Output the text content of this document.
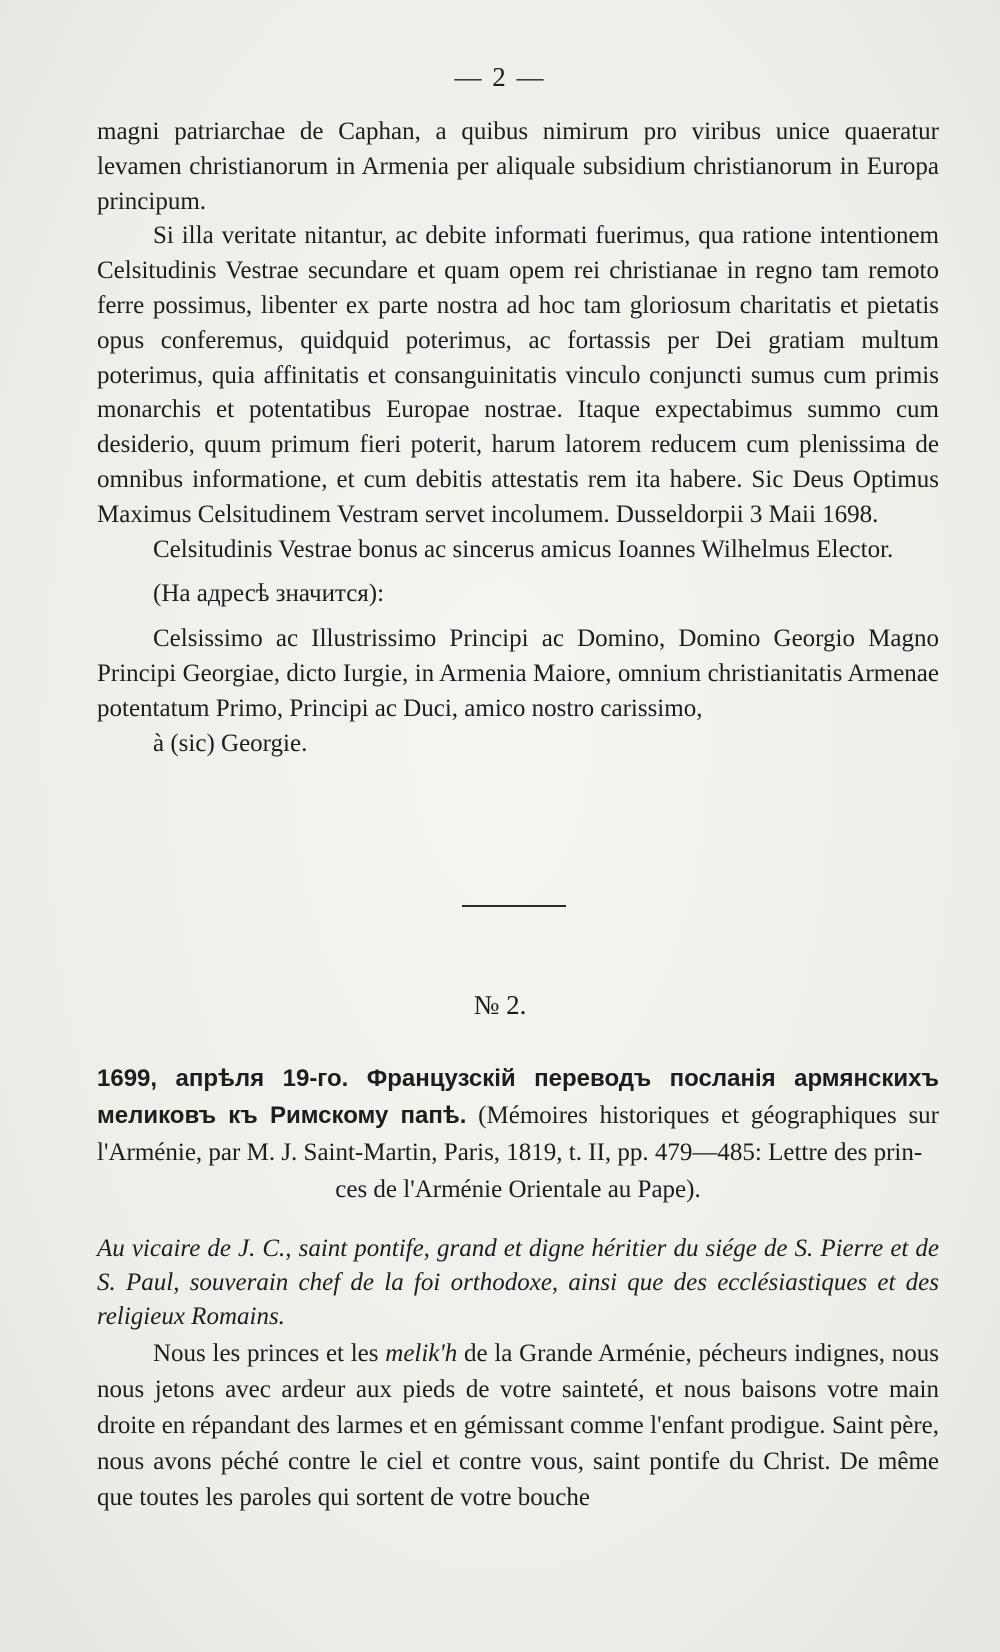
— 2 —

magni patriarchae de Caphan, a quibus nimirum pro viribus unice quaeratur levamen christianorum in Armenia per aliquale subsidium christianorum in Europa principum.

Si illa veritate nitantur, ac debite informati fuerimus, qua ratione intentionem Celsitudinis Vestrae secundare et quam opem rei christianae in regno tam remoto ferre possimus, libenter ex parte nostra ad hoc tam gloriosum charitatis et pietatis opus conferemus, quidquid poterimus, ac fortassis per Dei gratiam multum poterimus, quia affinitatis et consanguinitatis vinculo conjuncti sumus cum primis monarchis et potentatibus Europae nostrae. Itaque expectabimus summo cum desiderio, quum primum fieri poterit, harum latorem reducem cum plenissima de omnibus informatione, et cum debitis attestatis rem ita habere. Sic Deus Optimus Maximus Celsitudinem Vestram servet incolumem. Dusseldorpii 3 Maii 1698.

Celsitudinis Vestrae bonus ac sincerus amicus Ioannes Wilhelmus Elector.

(На адресѣ значится):

Celsissimo ac Illustrissimo Principi ac Domino, Domino Georgio Magno Principi Georgiae, dicto Iurgie, in Armenia Maiore, omnium christianitatis Armenae potentatum Primo, Principi ac Duci, amico nostro carissimo,

à (sic) Georgie.

№ 2.

1699, апрѣля 19-го. Французскій переводъ посланія армянскихъ меликовъ къ Римскому папѣ. (Mémoires historiques et géographiques sur l'Arménie, par M. J. Saint-Martin, Paris, 1819, t. II, pp. 479—485: Lettre des prin-

ces de l'Arménie Orientale au Pape).

Au vicaire de J. C., saint pontife, grand et digne héritier du siége de S. Pierre et de S. Paul, souverain chef de la foi orthodoxe, ainsi que des ecclésiastiques et des religieux Romains.

Nous les princes et les melik'h de la Grande Arménie, pécheurs indignes, nous nous jetons avec ardeur aux pieds de votre sainteté, et nous baisons votre main droite en répandant des larmes et en gémissant comme l'enfant prodigue. Saint père, nous avons péché contre le ciel et contre vous, saint pontife du Christ. De même que toutes les paroles qui sortent de votre bouche
